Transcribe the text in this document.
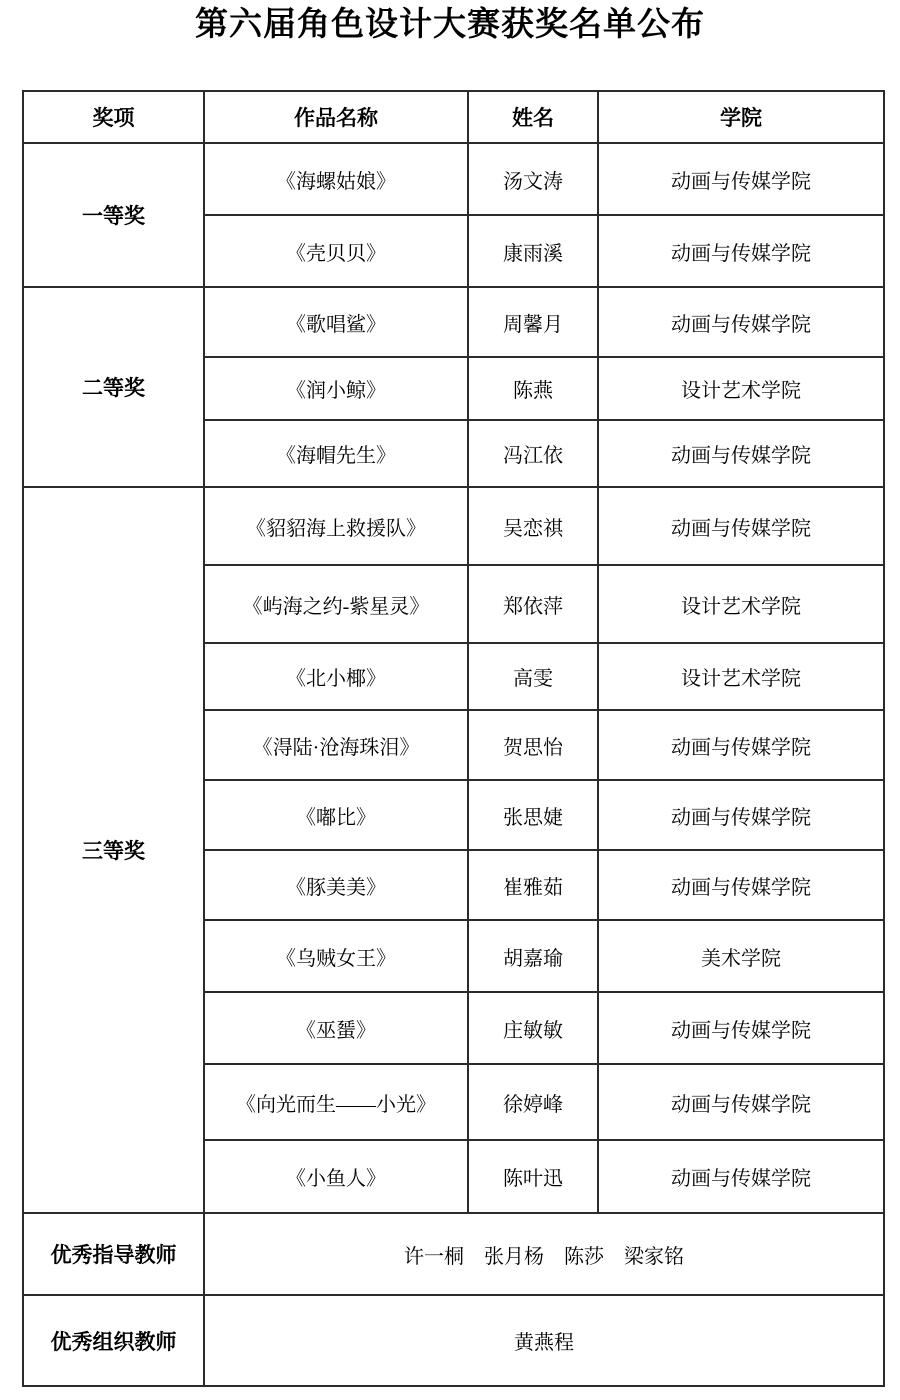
第六届角色设计大赛获奖名单公布
奖项	作品名称	姓名	学院
一等奖	《海螺姑娘》	汤文涛	动画与传媒学院
	《壳贝贝》	康雨溪	动画与传媒学院
二等奖	《歌唱鲨》	周馨月	动画与传媒学院
	《润小鲸》	陈燕	设计艺术学院
	《海帽先生》	冯江依	动画与传媒学院
三等奖	《貂貂海上救援队》	吴恋祺	动画与传媒学院
	《屿海之约-紫星灵》	郑依萍	设计艺术学院
	《北小椰》	高雯	设计艺术学院
	《淂陆·沧海珠泪》	贺思怡	动画与传媒学院
	《嘟比》	张思婕	动画与传媒学院
	《豚美美》	崔雅茹	动画与传媒学院
	《乌贼女王》	胡嘉瑜	美术学院
	《巫蜑》	庄敏敏	动画与传媒学院
	《向光而生——小光》	徐婷峰	动画与传媒学院
	《小鱼人》	陈叶迅	动画与传媒学院
优秀指导教师	许一桐　张月杨　陈莎　梁家铭		
优秀组织教师	黄燕程		
